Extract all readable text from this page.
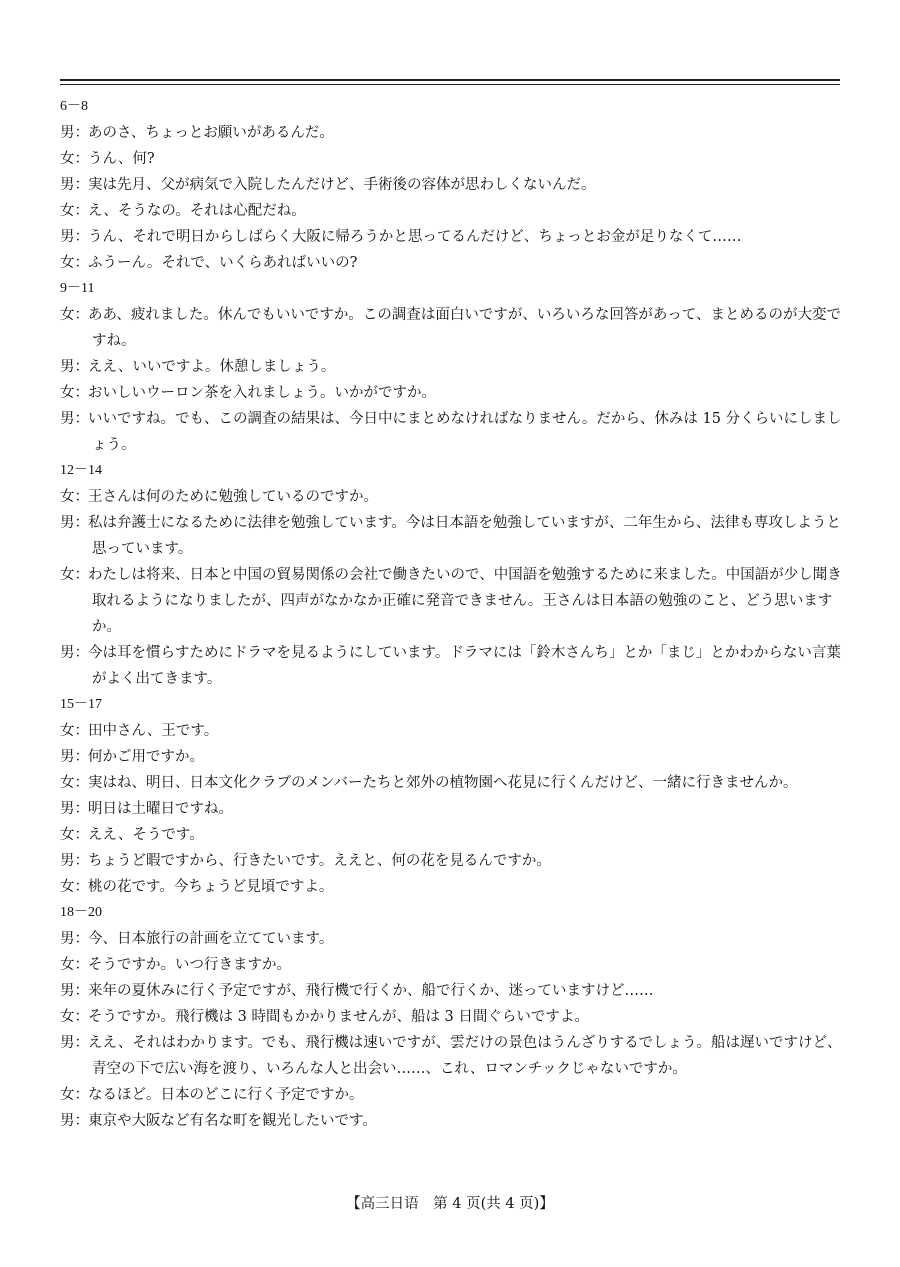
6－8
男：あのさ、ちょっとお願いがあるんだ。
女：うん、何?
男：実は先月、父が病気で入院したんだけど、手術後の容体が思わしくないんだ。
女：え、そうなの。それは心配だね。
男：うん、それで明日からしばらく大阪に帰ろうかと思ってるんだけど、ちょっとお金が足りなくて……
女：ふうーん。それで、いくらあればいいの?
9－11
女：ああ、疲れました。休んでもいいですか。この調査は面白いですが、いろいろな回答があって、まとめるのが大変ですね。
男：ええ、いいですよ。休憩しましょう。
女：おいしいウーロン茶を入れましょう。いかがですか。
男：いいですね。でも、この調査の結果は、今日中にまとめなければなりません。だから、休みは 15 分くらいにしましょう。
12－14
女：王さんは何のために勉強しているのですか。
男：私は弁護士になるために法律を勉強しています。今は日本語を勉強していますが、二年生から、法律も専攻しようと思っています。
女：わたしは将来、日本と中国の貿易関係の会社で働きたいので、中国語を勉強するために来ました。中国語が少し聞き取れるようになりましたが、四声がなかなか正確に発音できません。王さんは日本語の勉強のこと、どう思いますか。
男：今は耳を慣らすためにドラマを見るようにしています。ドラマには「鈴木さんち」とか「まじ」とかわからない言葉がよく出てきます。
15－17
女：田中さん、王です。
男：何かご用ですか。
女：実はね、明日、日本文化クラブのメンバーたちと郊外の植物園へ花見に行くんだけど、一緒に行きませんか。
男：明日は土曜日ですね。
女：ええ、そうです。
男：ちょうど暇ですから、行きたいです。ええと、何の花を見るんですか。
女：桃の花です。今ちょうど見頃ですよ。
18－20
男：今、日本旅行の計画を立てています。
女：そうですか。いつ行きますか。
男：来年の夏休みに行く予定ですが、飛行機で行くか、船で行くか、迷っていますけど……
女：そうですか。飛行機は 3 時間もかかりませんが、船は 3 日間ぐらいですよ。
男：ええ、それはわかります。でも、飛行機は速いですが、雲だけの景色はうんざりするでしょう。船は遅いですけど、青空の下で広い海を渡り、いろんな人と出会い……、これ、ロマンチックじゃないですか。
女：なるほど。日本のどこに行く予定ですか。
男：東京や大阪など有名な町を観光したいです。
【高三日语　第 4 页(共 4 页)】
